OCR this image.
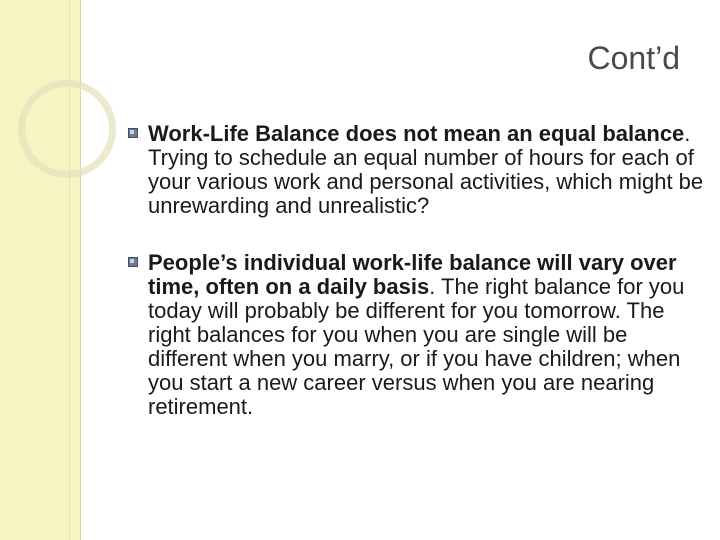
Cont’d
Work-Life Balance does not mean an equal balance. Trying to schedule an equal number of hours for each of your various work and personal activities, which might be unrewarding and unrealistic?
People’s individual work-life balance will vary over time, often on a daily basis. The right balance for you today will probably be different for you tomorrow. The right balances for you when you are single will be different when you marry, or if you have children; when you start a new career versus when you are nearing retirement.
